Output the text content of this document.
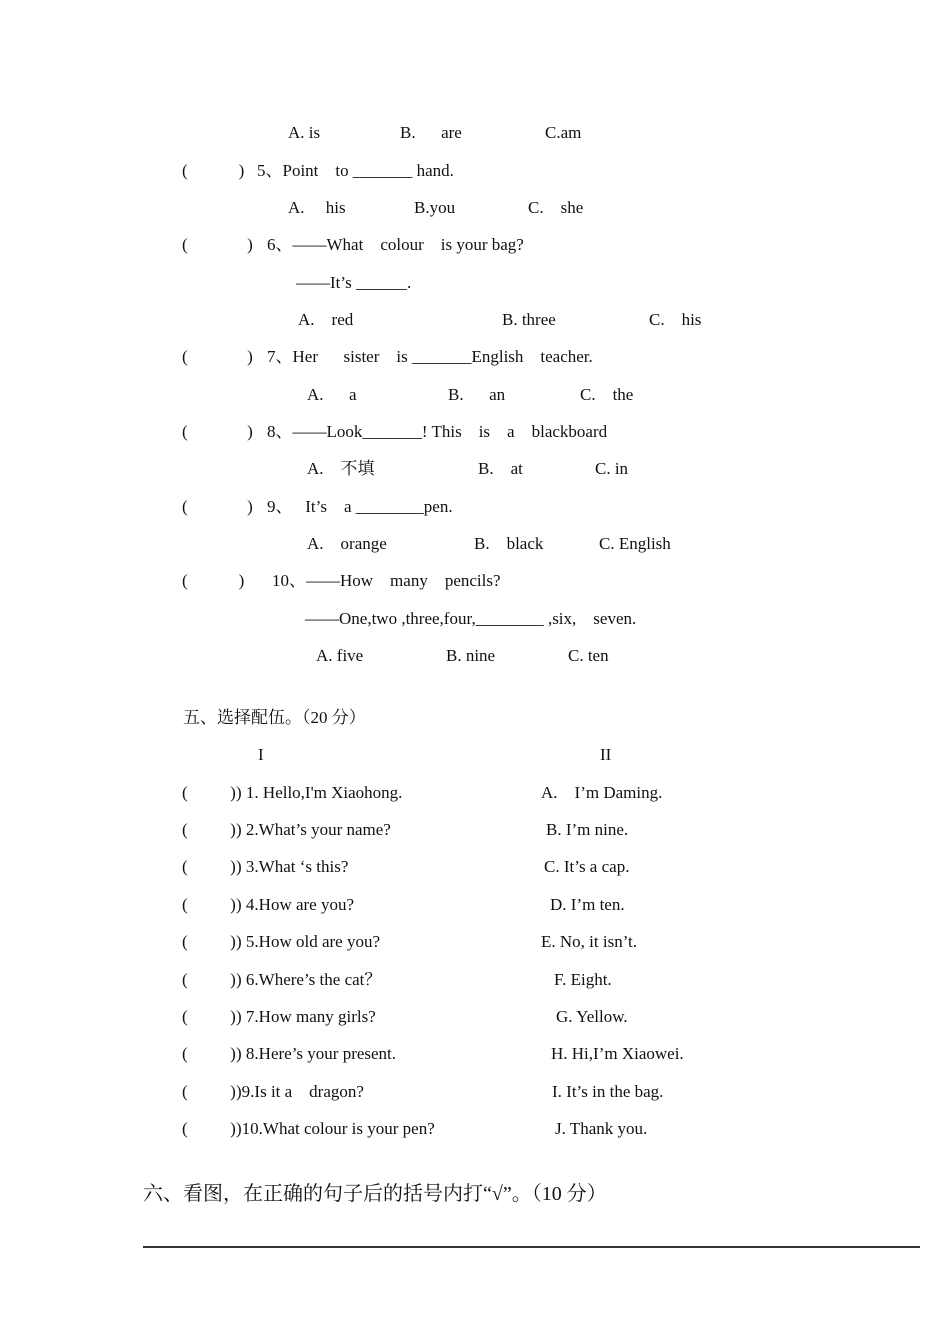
A. is	B.      are	C.am
(            ) 5、Point    to _______ hand.
A.     his	B.you	C.    she
(              ) 6、——What    colour    is your bag?
——It’s ______.
A.    red	B. three	C.    his
(              ) 7、Her      sister    is _______English    teacher.
A.      a	B.      an	C.    the
(              ) 8、——Look_______! This    is    a    blackboard
A.    不填	B.    at	C. in
(              ) 9、   It’s    a ________pen.
A.    orange	B.    black	C. English
(            ) 10、——How    many    pencils?
——One,two ,three,four,________ ,six,    seven.
A. five	B. nine	C. ten
五、选择配伍。（20 分）
I	II
(          ) ) 1. Hello,I'm Xiaohong.	A.    I’m Daming.
(          ) ) 2.What’s your name?	B. I’m nine.
(          ) ) 3.What ‘s this?	C. It’s a cap.
(          ) ) 4.How are you?	D. I’m ten.
(          ) ) 5.How old are you?	E. No, it isn’t.
(          ) ) 6.Where’s the cat？	F. Eight.
(          ) ) 7.How many girls?	G. Yellow.
(          ) ) 8.Here’s your present.	H. Hi,I’m Xiaowei.
(          ) )9.Is it a    dragon?	I. It’s in the bag.
(          ) )10.What colour is your pen?	J. Thank you.
六、看图，在正确的句子后的括号内打“√”。（10 分）
